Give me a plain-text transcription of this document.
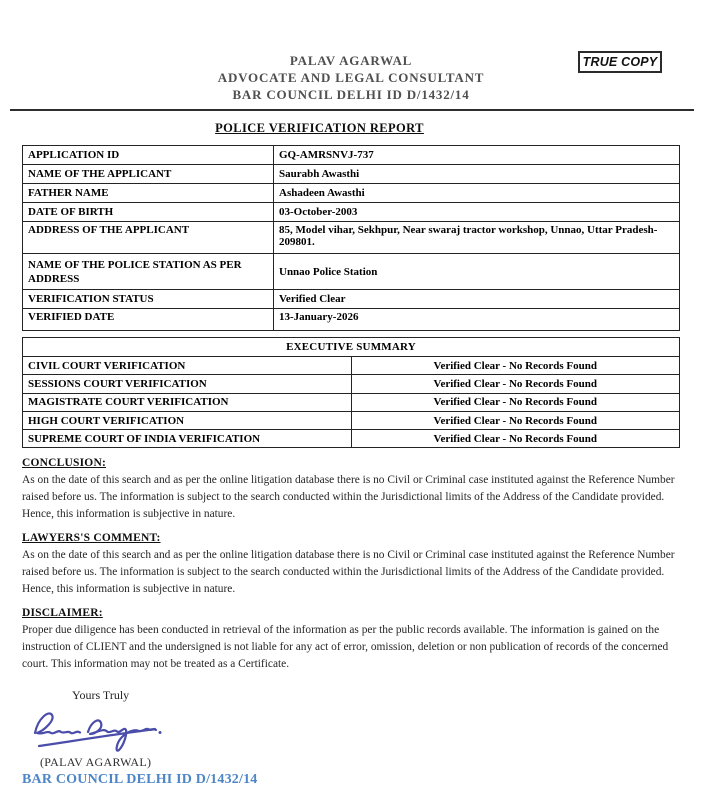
PALAV AGARWAL
ADVOCATE AND LEGAL CONSULTANT
BAR COUNCIL DELHI ID D/1432/14
TRUE COPY
POLICE VERIFICATION REPORT
APPLICATION ID	GQ-AMRSNVJ-737
NAME OF THE APPLICANT	Saurabh Awasthi
FATHER NAME	Ashadeen Awasthi
DATE OF BIRTH	03-October-2003
ADDRESS OF THE APPLICANT	85, Model vihar, Sekhpur, Near swaraj tractor workshop, Unnao, Uttar Pradesh-209801.
NAME OF THE POLICE STATION AS PER ADDRESS	Unnao Police Station
VERIFICATION STATUS	Verified Clear
VERIFIED DATE	13-January-2026
EXECUTIVE SUMMARY	
CIVIL COURT VERIFICATION	Verified Clear - No Records Found
SESSIONS COURT VERIFICATION	Verified Clear - No Records Found
MAGISTRATE COURT VERIFICATION	Verified Clear - No Records Found
HIGH COURT VERIFICATION	Verified Clear - No Records Found
SUPREME COURT OF INDIA VERIFICATION	Verified Clear - No Records Found
CONCLUSION:

As on the date of this search and as per the online litigation database there is no Civil or Criminal case instituted against the Reference Number raised before us. The information is subject to the search conducted within the Jurisdictional limits of the Address of the Candidate provided. Hence, this information is subjective in nature.

LAWYERS'S COMMENT:

As on the date of this search and as per the online litigation database there is no Civil or Criminal case instituted against the Reference Number raised before us. The information is subject to the search conducted within the Jurisdictional limits of the Address of the Candidate provided. Hence, this information is subjective in nature.

DISCLAIMER:

Proper due diligence has been conducted in retrieval of the information as per the public records available. The information is gained on the instruction of CLIENT and the undersigned is not liable for any act of error, omission, deletion or non publication of records of the concerned court. This information may not be treated as a Certificate.

Yours Truly
(PALAV AGARWAL)
BAR COUNCIL DELHI ID D/1432/14
